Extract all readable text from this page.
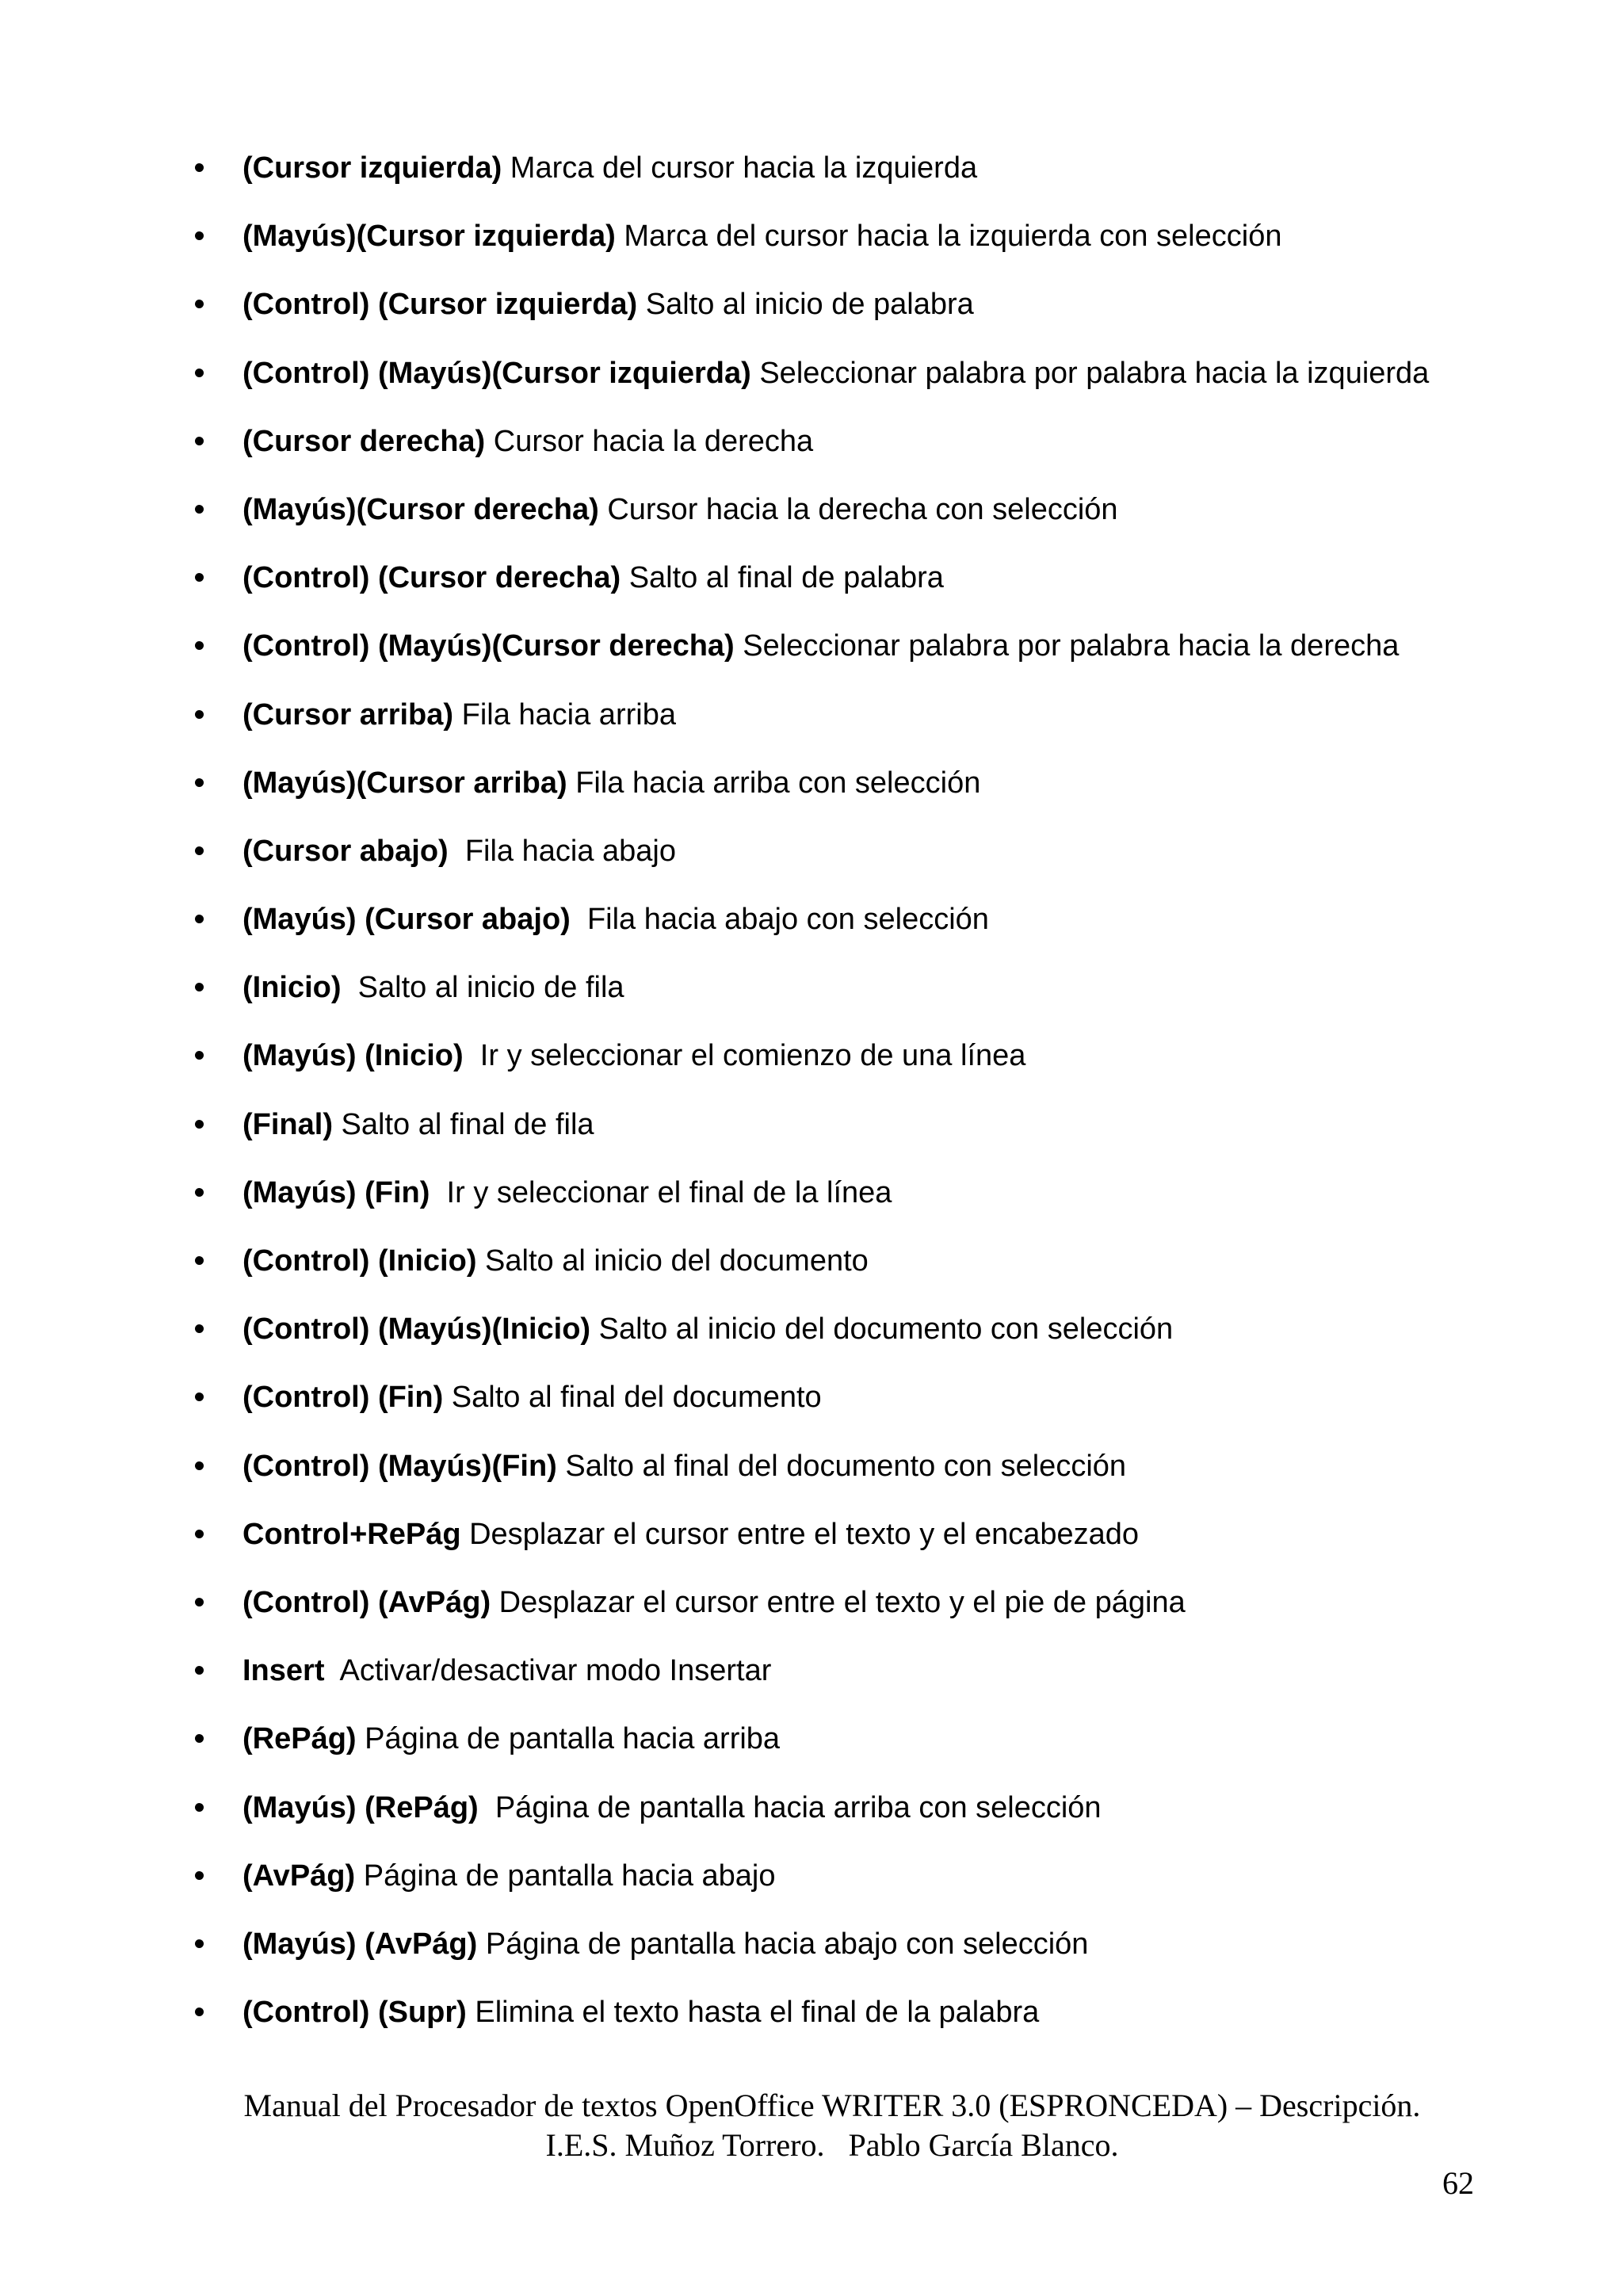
(Cursor izquierda) Marca del cursor hacia la izquierda
(Mayús)(Cursor izquierda) Marca del cursor hacia la izquierda con selección
(Control) (Cursor izquierda) Salto al inicio de palabra
(Control) (Mayús)(Cursor izquierda) Seleccionar palabra por palabra hacia la izquierda
(Cursor derecha) Cursor hacia la derecha
(Mayús)(Cursor derecha) Cursor hacia la derecha con selección
(Control) (Cursor derecha) Salto al final de palabra
(Control) (Mayús)(Cursor derecha) Seleccionar palabra por palabra hacia la derecha
(Cursor arriba) Fila hacia arriba
(Mayús)(Cursor arriba) Fila hacia arriba con selección
(Cursor abajo)  Fila hacia abajo
(Mayús) (Cursor abajo)  Fila hacia abajo con selección
(Inicio)  Salto al inicio de fila
(Mayús) (Inicio)  Ir y seleccionar el comienzo de una línea
(Final) Salto al final de fila
(Mayús) (Fin)  Ir y seleccionar el final de la línea
(Control) (Inicio) Salto al inicio del documento
(Control) (Mayús)(Inicio) Salto al inicio del documento con selección
(Control) (Fin) Salto al final del documento
(Control) (Mayús)(Fin) Salto al final del documento con selección
Control+RePág Desplazar el cursor entre el texto y el encabezado
(Control) (AvPág) Desplazar el cursor entre el texto y el pie de página
Insert  Activar/desactivar modo Insertar
(RePág) Página de pantalla hacia arriba
(Mayús) (RePág)  Página de pantalla hacia arriba con selección
(AvPág) Página de pantalla hacia abajo
(Mayús) (AvPág) Página de pantalla hacia abajo con selección
(Control) (Supr) Elimina el texto hasta el final de la palabra
Manual del Procesador de textos OpenOffice WRITER 3.0 (ESPRONCEDA) – Descripción.
I.E.S. Muñoz Torrero.   Pablo García Blanco.
62
